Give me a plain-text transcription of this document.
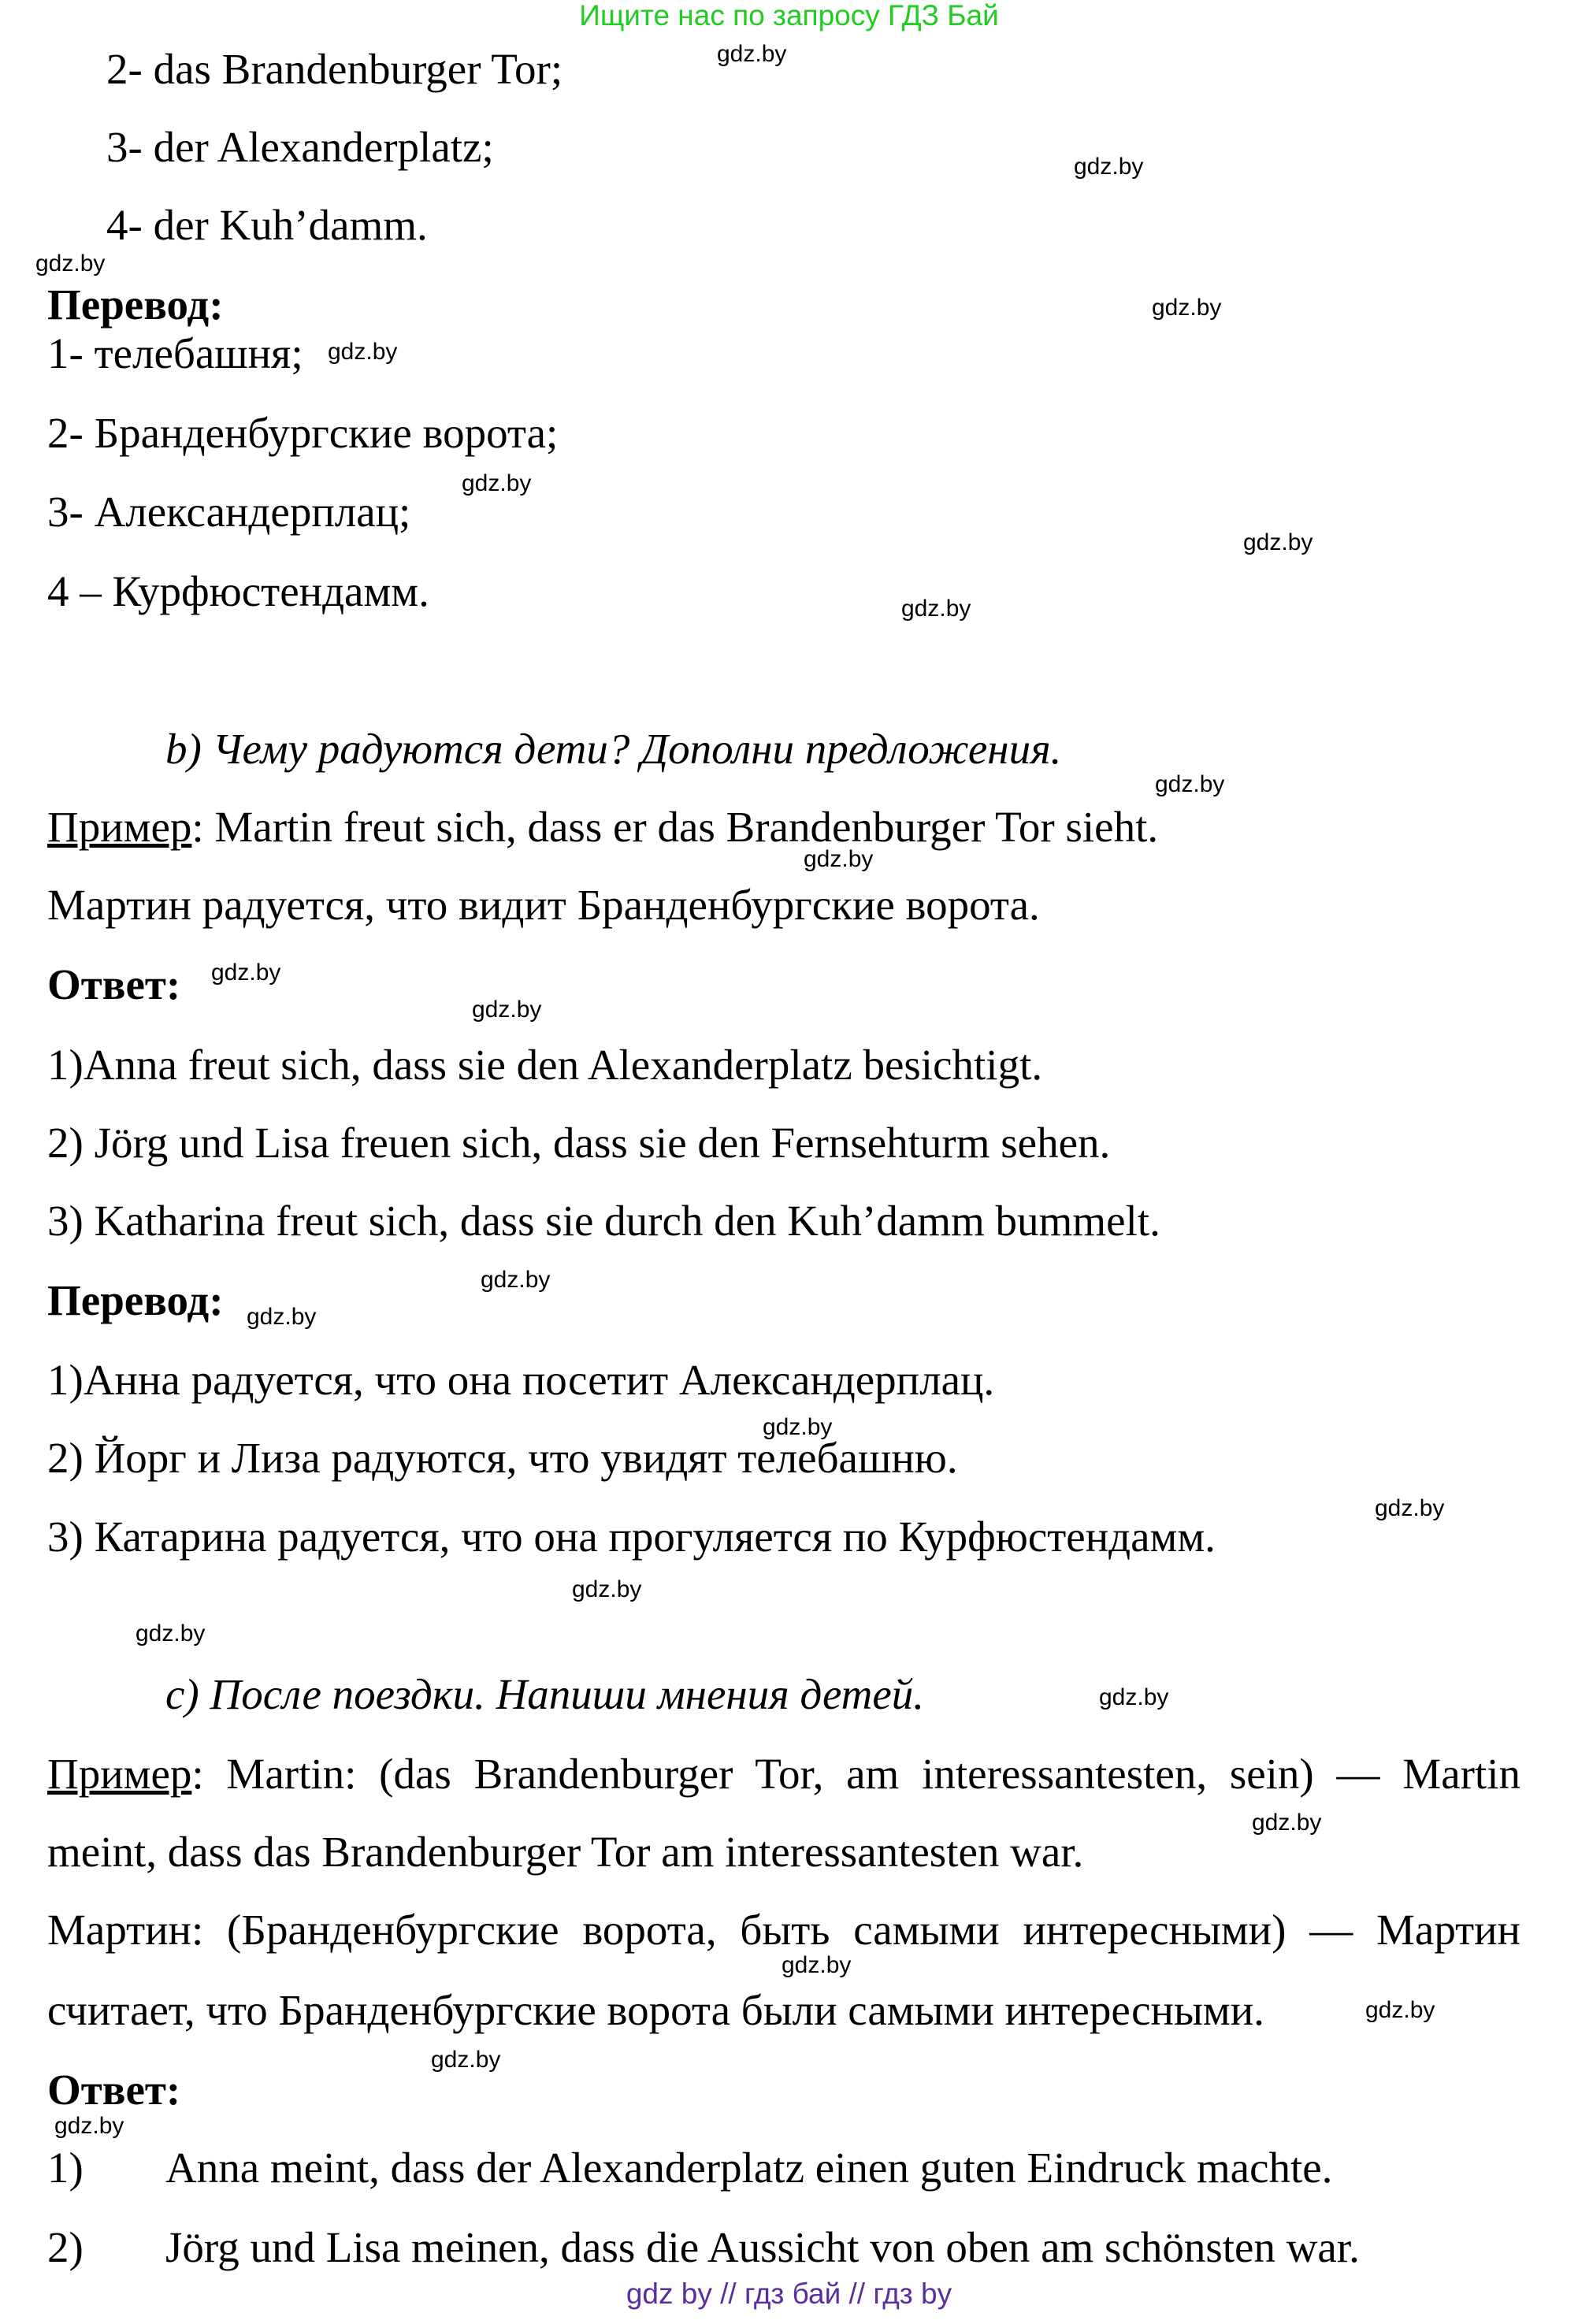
Ищите нас по запросу ГДЗ Бай
2- das Brandenburger Tor;
3- der Alexanderplatz;
4- der Kuh’damm.
Перевод:
1- телебашня;
2- Бранденбургские ворота;
3- Александерплац;
4 – Курфюстендамм.
b) Чему радуются дети? Дополни предложения.
Пример: Martin freut sich, dass er das Brandenburger Tor sieht.
Мартин радуется, что видит Бранденбургские ворота.
Ответ:
1)Anna freut sich, dass sie den Alexanderplatz besichtigt.
2) Jörg und Lisa freuen sich, dass sie den Fernsehturm sehen.
3) Katharina freut sich, dass sie durch den Kuh’damm bummelt.
Перевод:
1)Анна радуется, что она посетит Александерплац.
2) Йорг и Лиза радуются, что увидят телебашню.
3) Катарина радуется, что она прогуляется по Курфюстендамм.
c) После поездки. Напиши мнения детей.
Пример: Martin: (das Brandenburger Tor, am interessantesten, sein) — Martin
meint, dass das Brandenburger Tor am interessantesten war.
Мартин: (Бранденбургские ворота, быть самыми интересными) — Мартин
считает, что Бранденбургские ворота были самыми интересными.
Ответ:
1) Anna meint, dass der Alexanderplatz einen guten Eindruck machte.
2) Jörg und Lisa meinen, dass die Aussicht von oben am schönsten war.
gdz by // гдз бай // гдз by
gdz.by
gdz.by
gdz.by
gdz.by
gdz.by
gdz.by
gdz.by
gdz.by
gdz.by
gdz.by
gdz.by
gdz.by
gdz.by
gdz.by
gdz.by
gdz.by
gdz.by
gdz.by
gdz.by
gdz.by
gdz.by
gdz.by
gdz.by
gdz.by
